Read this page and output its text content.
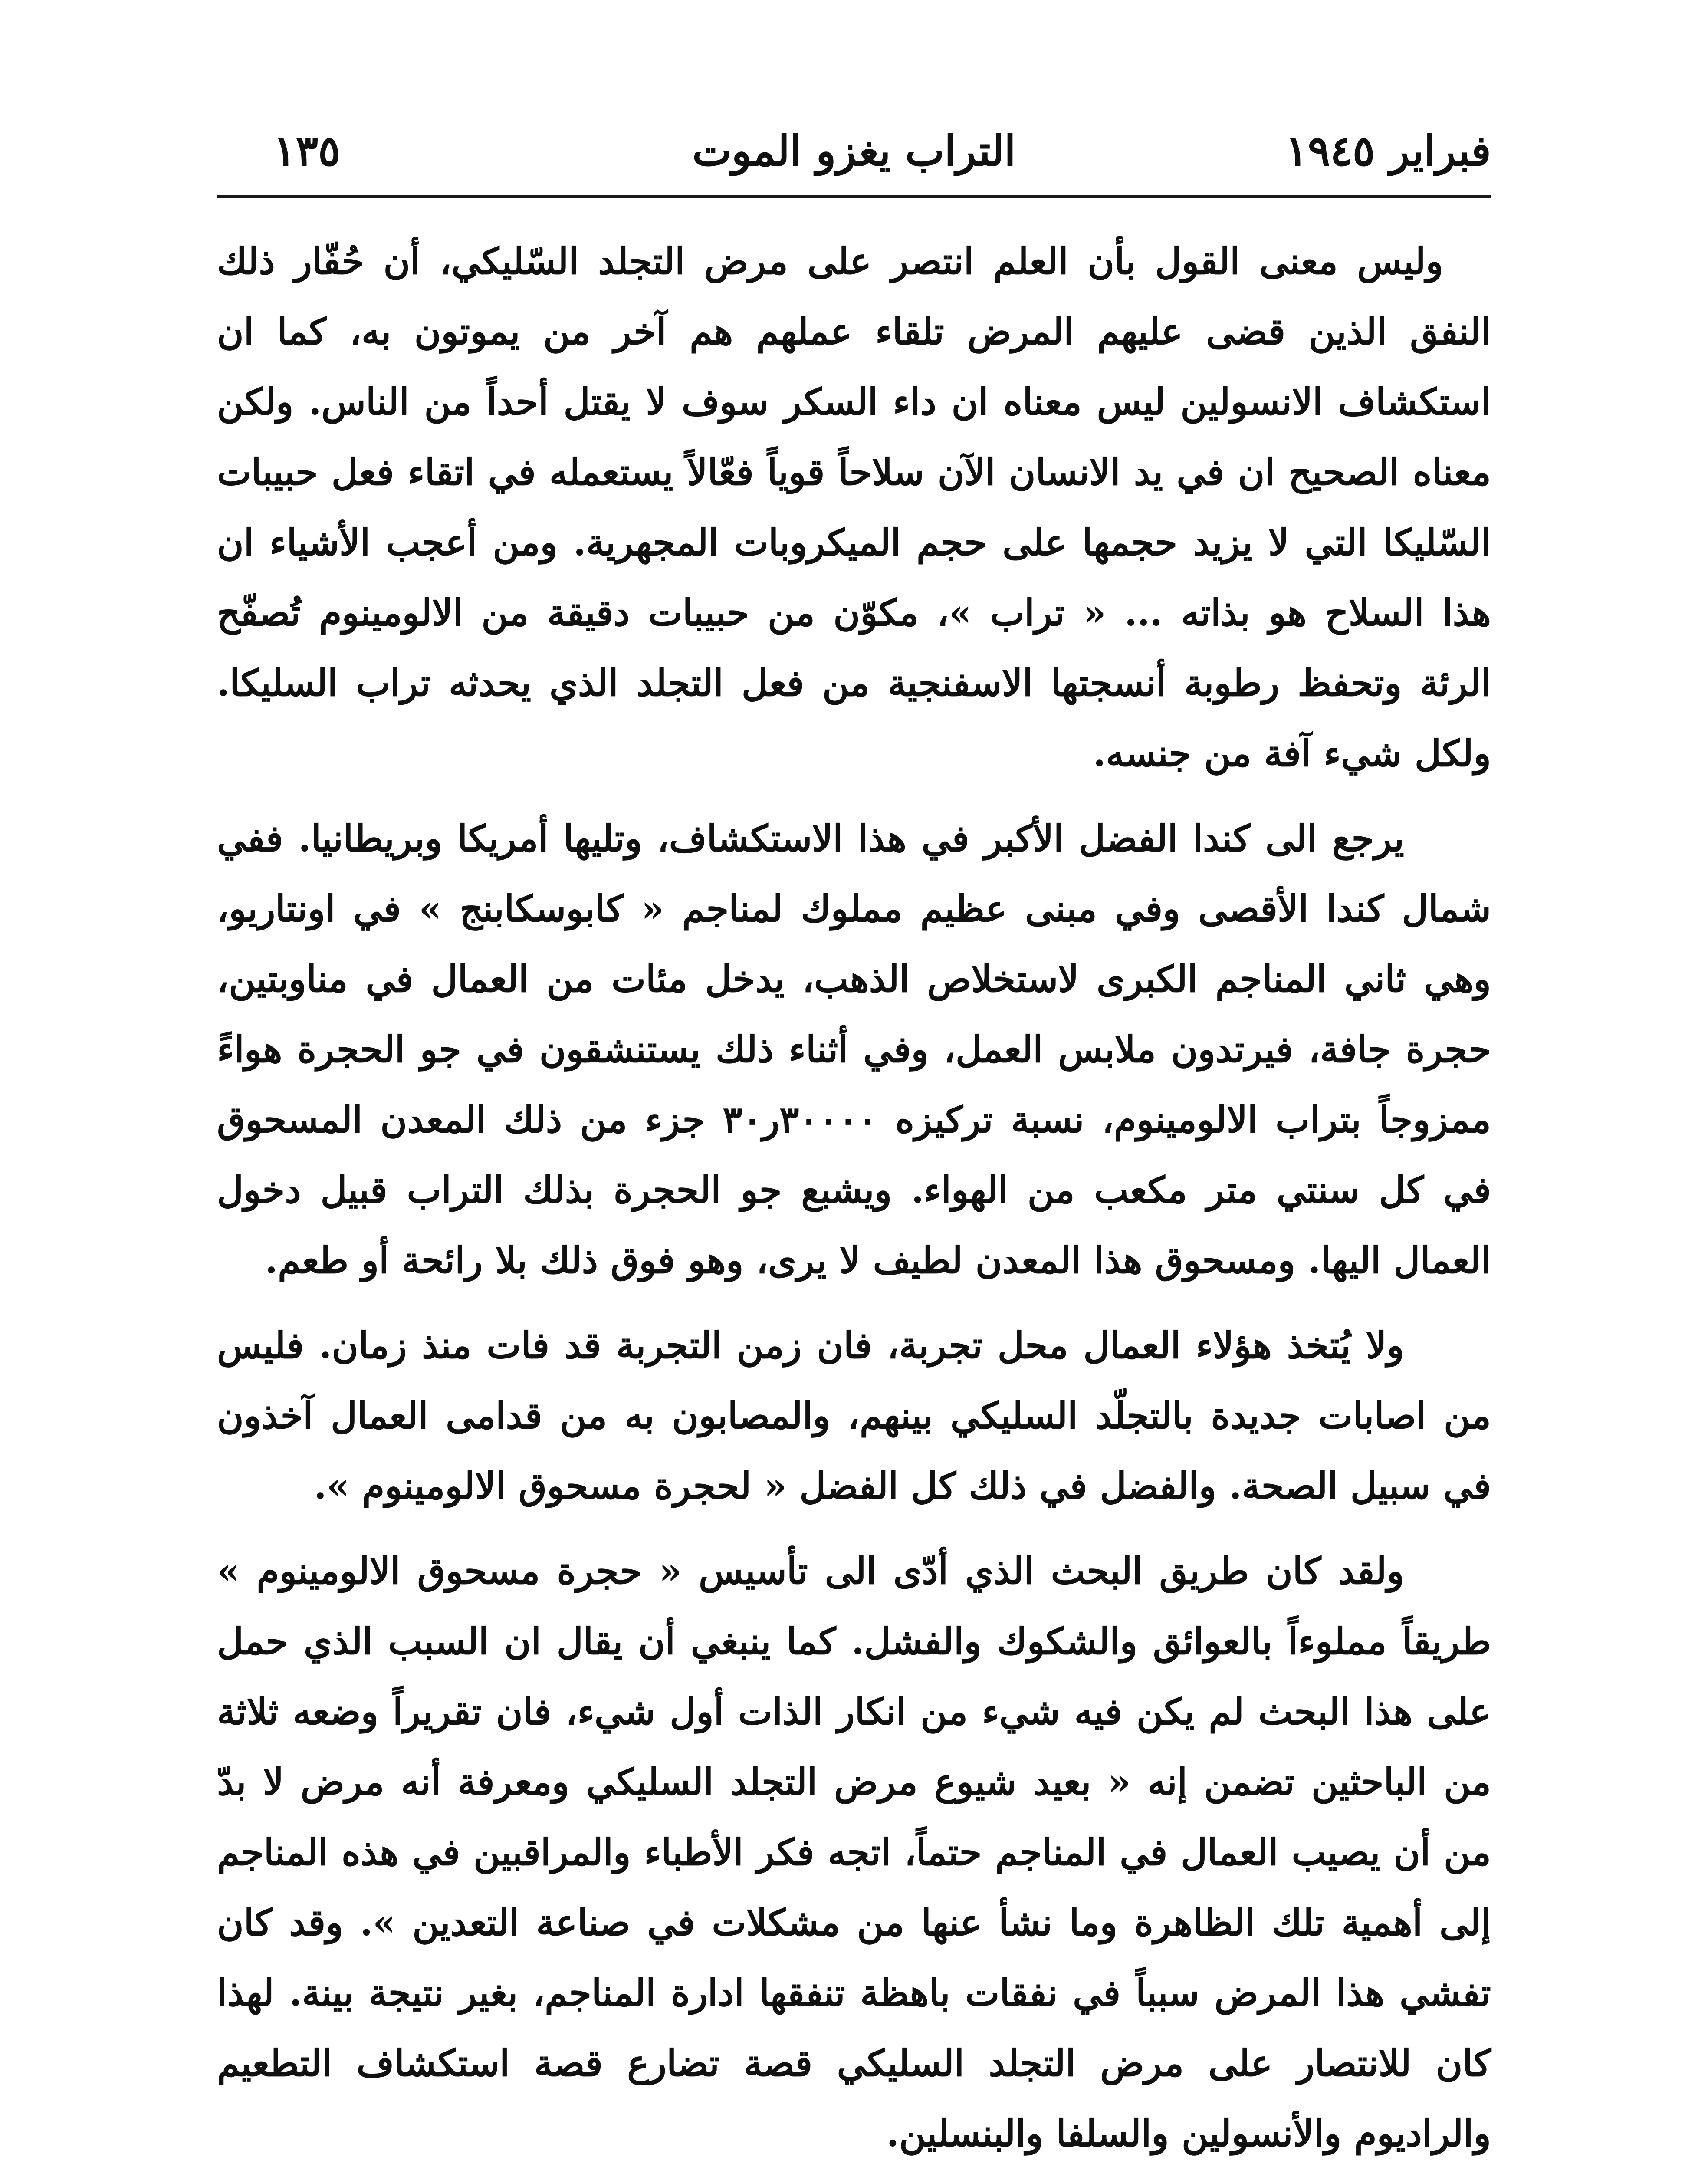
فبراير ١٩٤٥
التراب يغزو الموت
١٣٥

وليس معنى القول بأن العلم انتصر على مرض التجلد السّليكي، أن حُفّار ذلك النفق الذين قضى عليهم المرض تلقاء عملهم هم آخر من يموتون به، كما ان استكشاف الانسولين ليس معناه ان داء السكر سوف لا يقتل أحداً من الناس. ولكن معناه الصحيح ان في يد الانسان الآن سلاحاً قوياً فعّالاً يستعمله في اتقاء فعل حبيبات السّليكا التي لا يزيد حجمها على حجم الميكروبات المجهرية. ومن أعجب الأشياء ان هذا السلاح هو بذاته ... « تراب »، مكوّن من حبيبات دقيقة من الالومينوم تُصفّح الرئة وتحفظ رطوبة أنسجتها الاسفنجية من فعل التجلد الذي يحدثه تراب السليكا. ولكل شيء آفة من جنسه.

يرجع الى كندا الفضل الأكبر في هذا الاستكشاف، وتليها أمريكا وبريطانيا. ففي شمال كندا الأقصى وفي مبنى عظيم مملوك لمناجم « كابوسكابنج » في اونتاريو، وهي ثاني المناجم الكبرى لاستخلاص الذهب، يدخل مئات من العمال في مناوبتين، حجرة جافة، فيرتدون ملابس العمل، وفي أثناء ذلك يستنشقون في جو الحجرة هواءً ممزوجاً بتراب الالومينوم، نسبة تركيزه ٣٠٠٠٠ر٣٠ جزء من ذلك المعدن المسحوق في كل سنتي متر مكعب من الهواء. ويشبع جو الحجرة بذلك التراب قبيل دخول العمال اليها. ومسحوق هذا المعدن لطيف لا يرى، وهو فوق ذلك بلا رائحة أو طعم.

ولا يُتخذ هؤلاء العمال محل تجربة، فان زمن التجربة قد فات منذ زمان. فليس من اصابات جديدة بالتجلّد السليكي بينهم، والمصابون به من قدامى العمال آخذون في سبيل الصحة. والفضل في ذلك كل الفضل « لحجرة مسحوق الالومينوم ».

ولقد كان طريق البحث الذي أدّى الى تأسيس « حجرة مسحوق الالومينوم » طريقاً مملوءاً بالعوائق والشكوك والفشل. كما ينبغي أن يقال ان السبب الذي حمل على هذا البحث لم يكن فيه شيء من انكار الذات أول شيء، فان تقريراً وضعه ثلاثة من الباحثين تضمن إنه « بعيد شيوع مرض التجلد السليكي ومعرفة أنه مرض لا بدّ من أن يصيب العمال في المناجم حتماً، اتجه فكر الأطباء والمراقبين في هذه المناجم إلى أهمية تلك الظاهرة وما نشأ عنها من مشكلات في صناعة التعدين ». وقد كان تفشي هذا المرض سبباً في نفقات باهظة تنفقها ادارة المناجم، بغير نتيجة بينة. لهذا كان للانتصار على مرض التجلد السليكي قصة تضارع قصة استكشاف التطعيم والراديوم والأنسولين والسلفا والبنسلين.
